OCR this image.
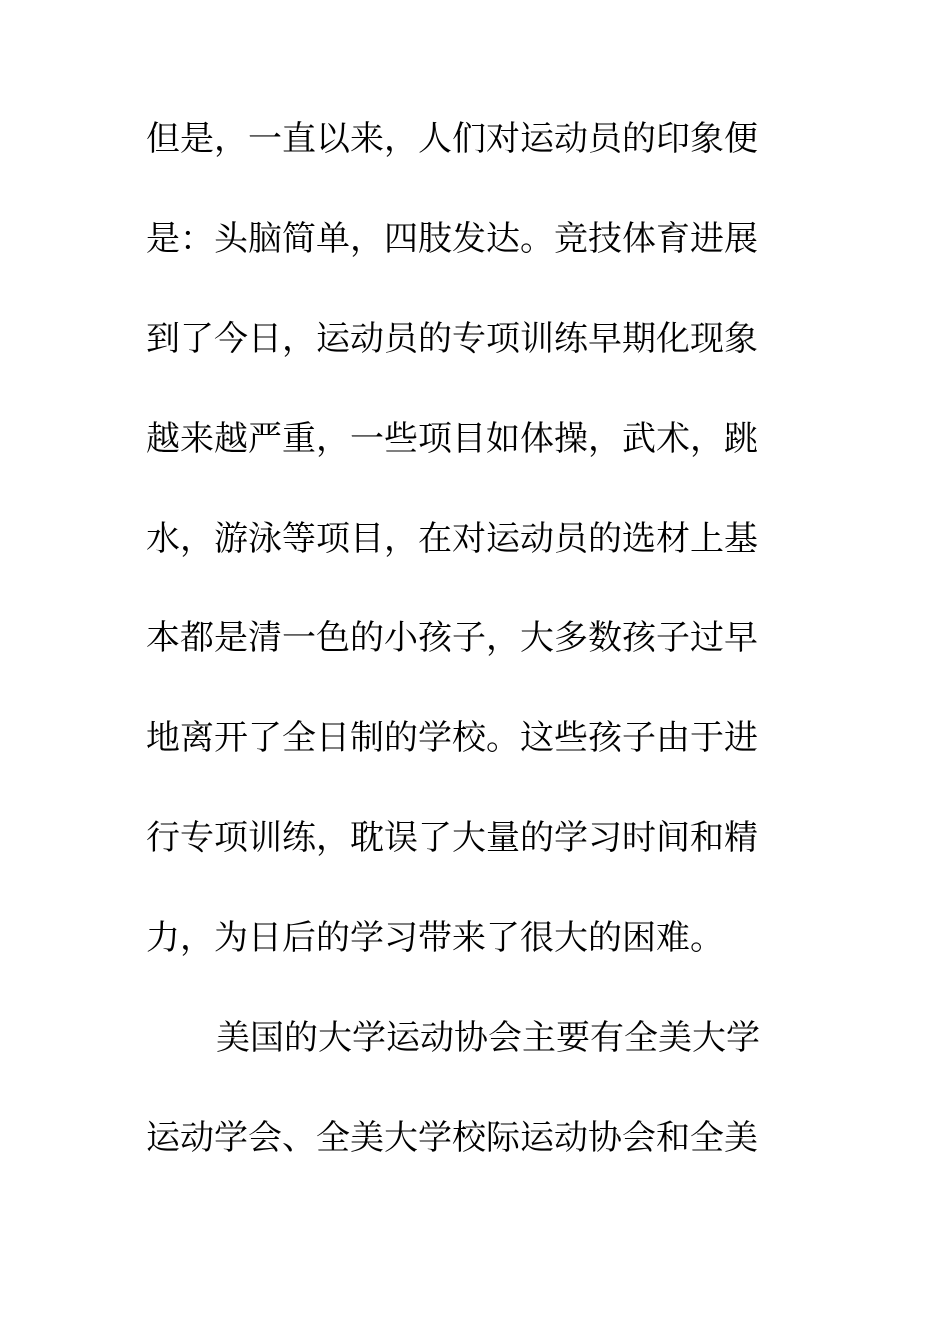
但是，一直以来，人们对运动员的印象便
是：头脑简单，四肢发达。竞技体育进展
到了今日，运动员的专项训练早期化现象
越来越严重，一些项目如体操，武术，跳
水，游泳等项目，在对运动员的选材上基
本都是清一色的小孩子，大多数孩子过早
地离开了全日制的学校。这些孩子由于进
行专项训练，耽误了大量的学习时间和精
力，为日后的学习带来了很大的困难。
美国的大学运动协会主要有全美大学
运动学会、全美大学校际运动协会和全美
